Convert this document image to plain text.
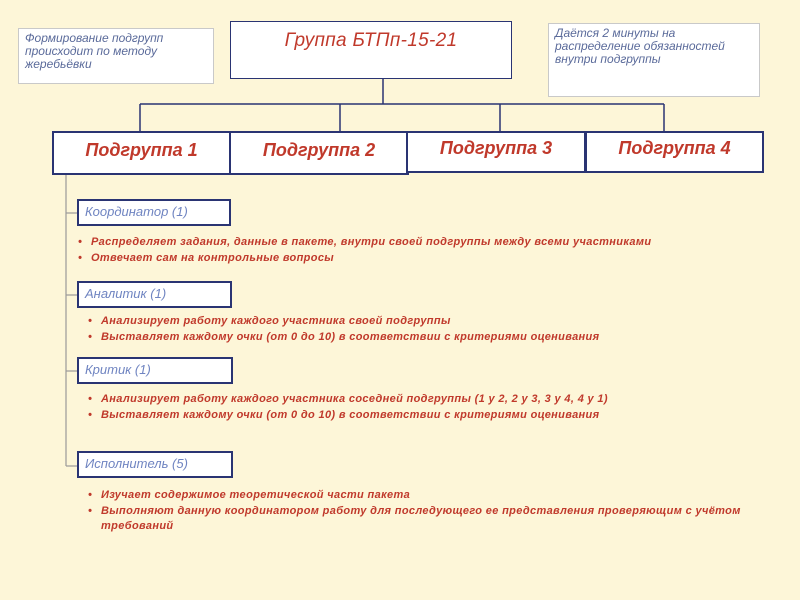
Формирование подгрупп происходит по методу жеребьёвки
Даётся 2 минуты на распределение обязанностей внутри подгруппы
Группа БТПп-15-21
Подгруппа 1	Подгруппа 2	Подгруппа 3	Подгруппа 4
Координатор (1)
• Распределяет задания, данные в пакете, внутри своей подгруппы между всеми участниками
• Отвечает сам на контрольные вопросы
Аналитик (1)
• Анализирует работу каждого участника своей подгруппы
• Выставляет каждому очки (от 0 до 10) в соответствии с критериями оценивания
Критик (1)
• Анализирует работу каждого участника соседней подгруппы (1 у 2, 2 у 3, 3 у 4, 4 у 1)
• Выставляет каждому очки (от 0 до 10) в соответствии с критериями оценивания
Исполнитель (5)
• Изучает содержимое теоретической части пакета
• Выполняют данную координатором работу для последующего ее представления проверяющим с учётом требований
